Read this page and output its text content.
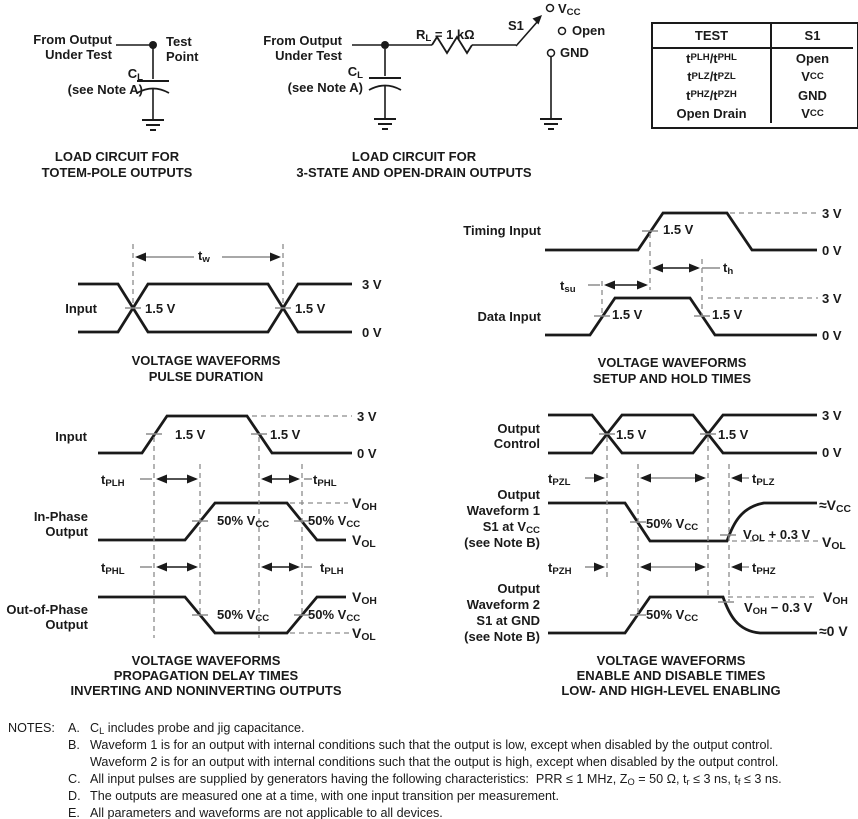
From Output
Under Test
Test
Point
$C_L$
(see Note A)
LOAD CIRCUIT FOR
TOTEM-POLE OUTPUTS
From Output
Under Test
$C_L$
(see Note A)
$R_L = 1$ kΩ
S1
$V_{CC}$
Open
GND
LOAD CIRCUIT FOR
3-STATE AND OPEN-DRAIN OUTPUTS
TEST	S1
t PLH /t PHL	Open
t PLZ /t PZL	V CC
t PHZ /t PZH	GND
Open Drain	V CC
Input
$t_w$
1.5 V	1.5 V
3 V
0 V
VOLTAGE WAVEFORMS
PULSE DURATION
Timing Input
Data Input
$t_{su}$
$t_h$
1.5 V
1.5 V	1.5 V
3 V
0 V
3 V
0 V
VOLTAGE WAVEFORMS
SETUP AND HOLD TIMES
Input
In-Phase
Output
Out-of-Phase
Output
$t_{PLH}$	$t_{PHL}$
$t_{PHL}$	$t_{PLH}$
1.5 V	1.5 V
50% $V_{CC}$	50% $V_{CC}$
50% $V_{CC}$	50% $V_{CC}$
3 V
0 V
$V_{OH}$
$V_{OL}$
$V_{OH}$
$V_{OL}$
VOLTAGE WAVEFORMS
PROPAGATION DELAY TIMES
INVERTING AND NONINVERTING OUTPUTS
Output
Control
Output
Waveform 1
S1 at $V_{CC}$
(see Note B)
Output
Waveform 2
S1 at GND
(see Note B)
$t_{PZL}$	$t_{PLZ}$
$t_{PZH}$	$t_{PHZ}$
1.5 V	1.5 V
50% $V_{CC}$
50% $V_{CC}$
3 V
0 V
$\approx V_{CC}$
$V_{OL} + 0.3$ V $V_{OL}$
$V_{OH}$
$V_{OH} - 0.3$ V
≈0 V
VOLTAGE WAVEFORMS
ENABLE AND DISABLE TIMES
LOW- AND HIGH-LEVEL ENABLING
NOTES: A. $C_L$ includes probe and jig capacitance.
B. Waveform 1 is for an output with internal conditions such that the output is low, except when disabled by the output control.
Waveform 2 is for an output with internal conditions such that the output is high, except when disabled by the output control.
C. All input pulses are supplied by generators having the following characteristics:  PRR ≤ 1 MHz, $Z_O = 50$ Ω, $t_r \le 3$ ns, $t_f \le 3$ ns.
D. The outputs are measured one at a time, with one input transition per measurement.
E. All parameters and waveforms are not applicable to all devices.
